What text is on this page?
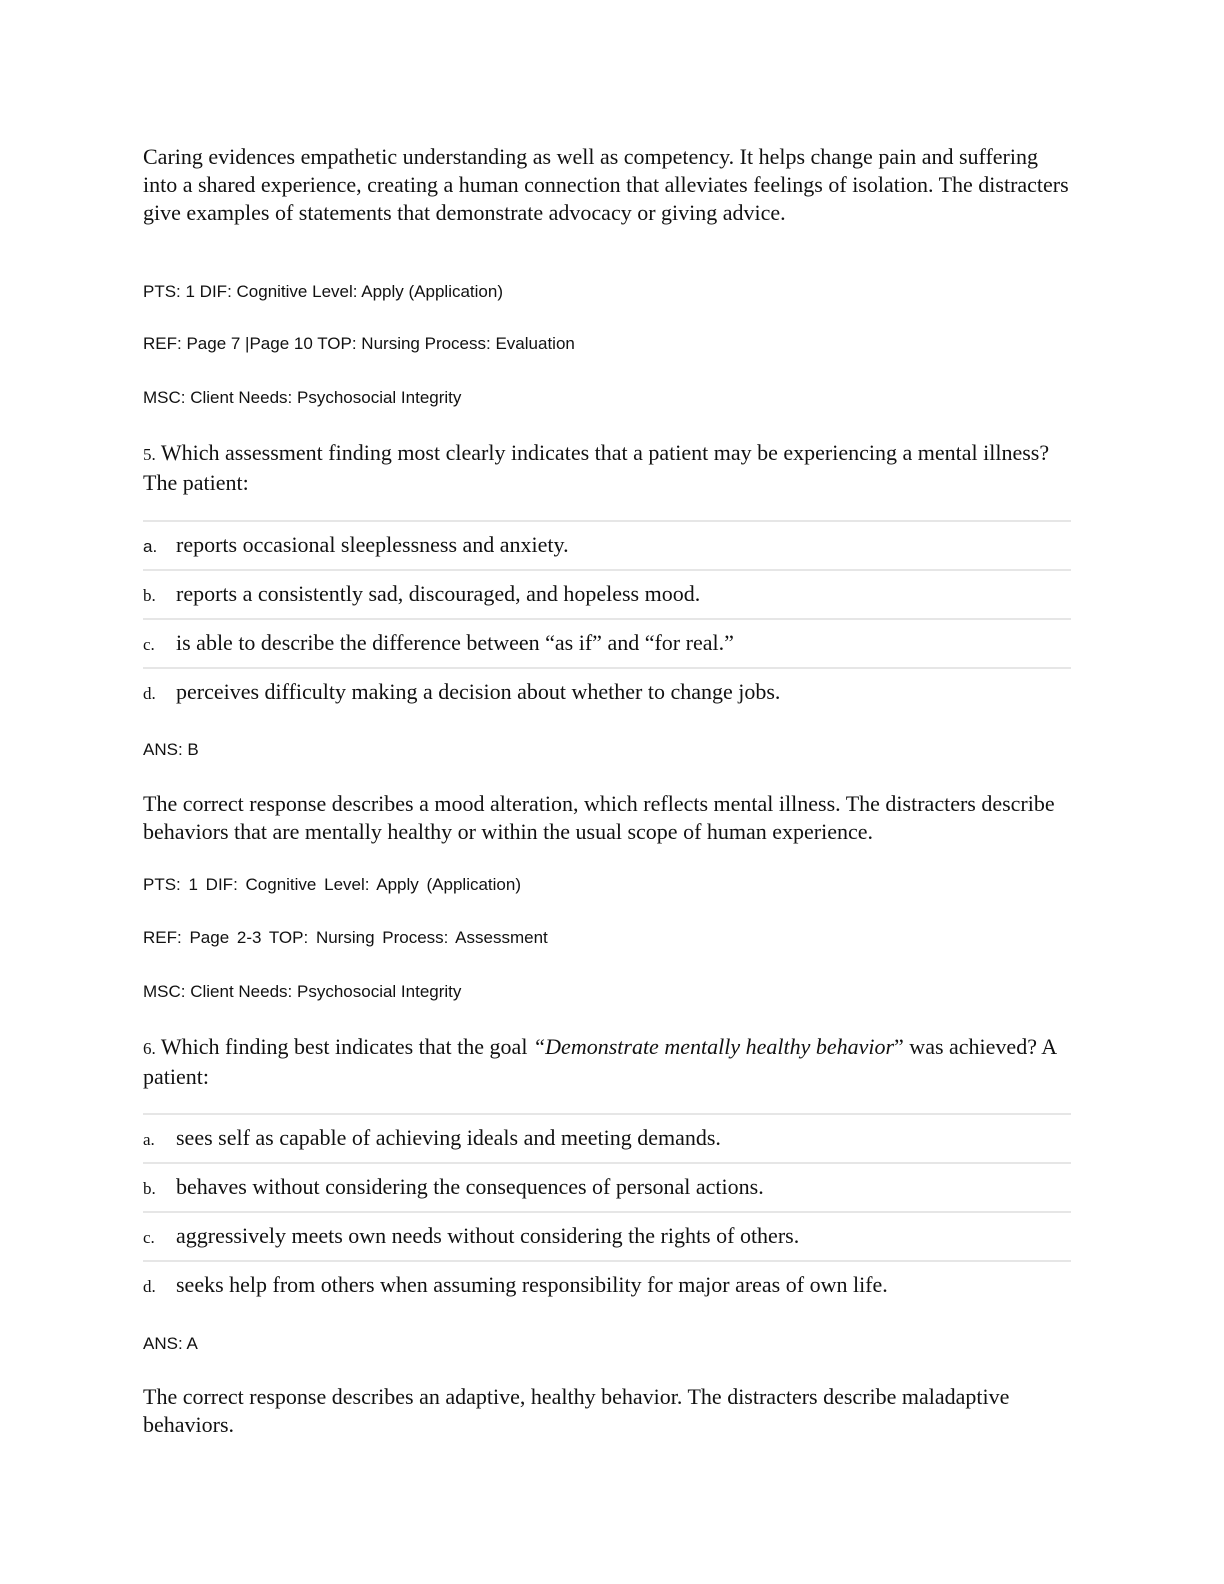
Caring evidences empathetic understanding as well as competency. It helps change pain and suffering into a shared experience, creating a human connection that alleviates feelings of isolation. The distracters give examples of statements that demonstrate advocacy or giving advice.

PTS: 1 DIF: Cognitive Level: Apply (Application)

REF: Page 7 |Page 10 TOP: Nursing Process: Evaluation

MSC: Client Needs: Psychosocial Integrity

5. Which assessment finding most clearly indicates that a patient may be experiencing a mental illness? The patient:

a. reports occasional sleeplessness and anxiety.
b. reports a consistently sad, discouraged, and hopeless mood.
c. is able to describe the difference between “as if” and “for real.”
d. perceives difficulty making a decision about whether to change jobs.

ANS: B

The correct response describes a mood alteration, which reflects mental illness. The distracters describe behaviors that are mentally healthy or within the usual scope of human experience.

PTS: 1 DIF: Cognitive Level: Apply (Application)

REF: Page 2-3 TOP: Nursing Process: Assessment

MSC: Client Needs: Psychosocial Integrity

6. Which finding best indicates that the goal “Demonstrate mentally healthy behavior” was achieved? A patient:

a. sees self as capable of achieving ideals and meeting demands.
b. behaves without considering the consequences of personal actions.
c. aggressively meets own needs without considering the rights of others.
d. seeks help from others when assuming responsibility for major areas of own life.

ANS: A

The correct response describes an adaptive, healthy behavior. The distracters describe maladaptive behaviors.
